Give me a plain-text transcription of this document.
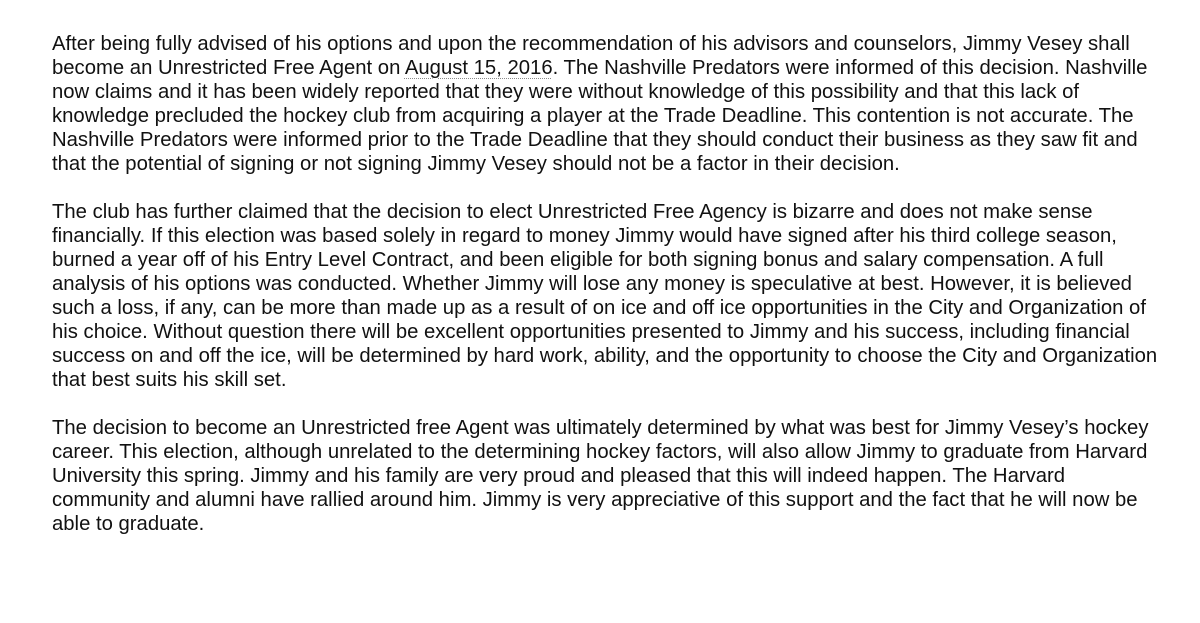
After being fully advised of his options and upon the recommendation of his advisors and counselors, Jimmy Vesey shall become an Unrestricted Free Agent on August 15, 2016. The Nashville Predators were informed of this decision. Nashville now claims and it has been widely reported that they were without knowledge of this possibility and that this lack of knowledge precluded the hockey club from acquiring a player at the Trade Deadline. This contention is not accurate. The Nashville Predators were informed prior to the Trade Deadline that they should conduct their business as they saw fit and that the potential of signing or not signing Jimmy Vesey should not be a factor in their decision.

The club has further claimed that the decision to elect Unrestricted Free Agency is bizarre and does not make sense financially. If this election was based solely in regard to money Jimmy would have signed after his third college season, burned a year off of his Entry Level Contract, and been eligible for both signing bonus and salary compensation. A full analysis of his options was conducted. Whether Jimmy will lose any money is speculative at best. However, it is believed such a loss, if any, can be more than made up as a result of on ice and off ice opportunities in the City and Organization of his choice. Without question there will be excellent opportunities presented to Jimmy and his success, including financial success on and off the ice, will be determined by hard work, ability, and the opportunity to choose the City and Organization that best suits his skill set.

The decision to become an Unrestricted free Agent was ultimately determined by what was best for Jimmy Vesey’s hockey career. This election, although unrelated to the determining hockey factors, will also allow Jimmy to graduate from Harvard University this spring. Jimmy and his family are very proud and pleased that this will indeed happen. The Harvard community and alumni have rallied around him. Jimmy is very appreciative of this support and the fact that he will now be able to graduate.
